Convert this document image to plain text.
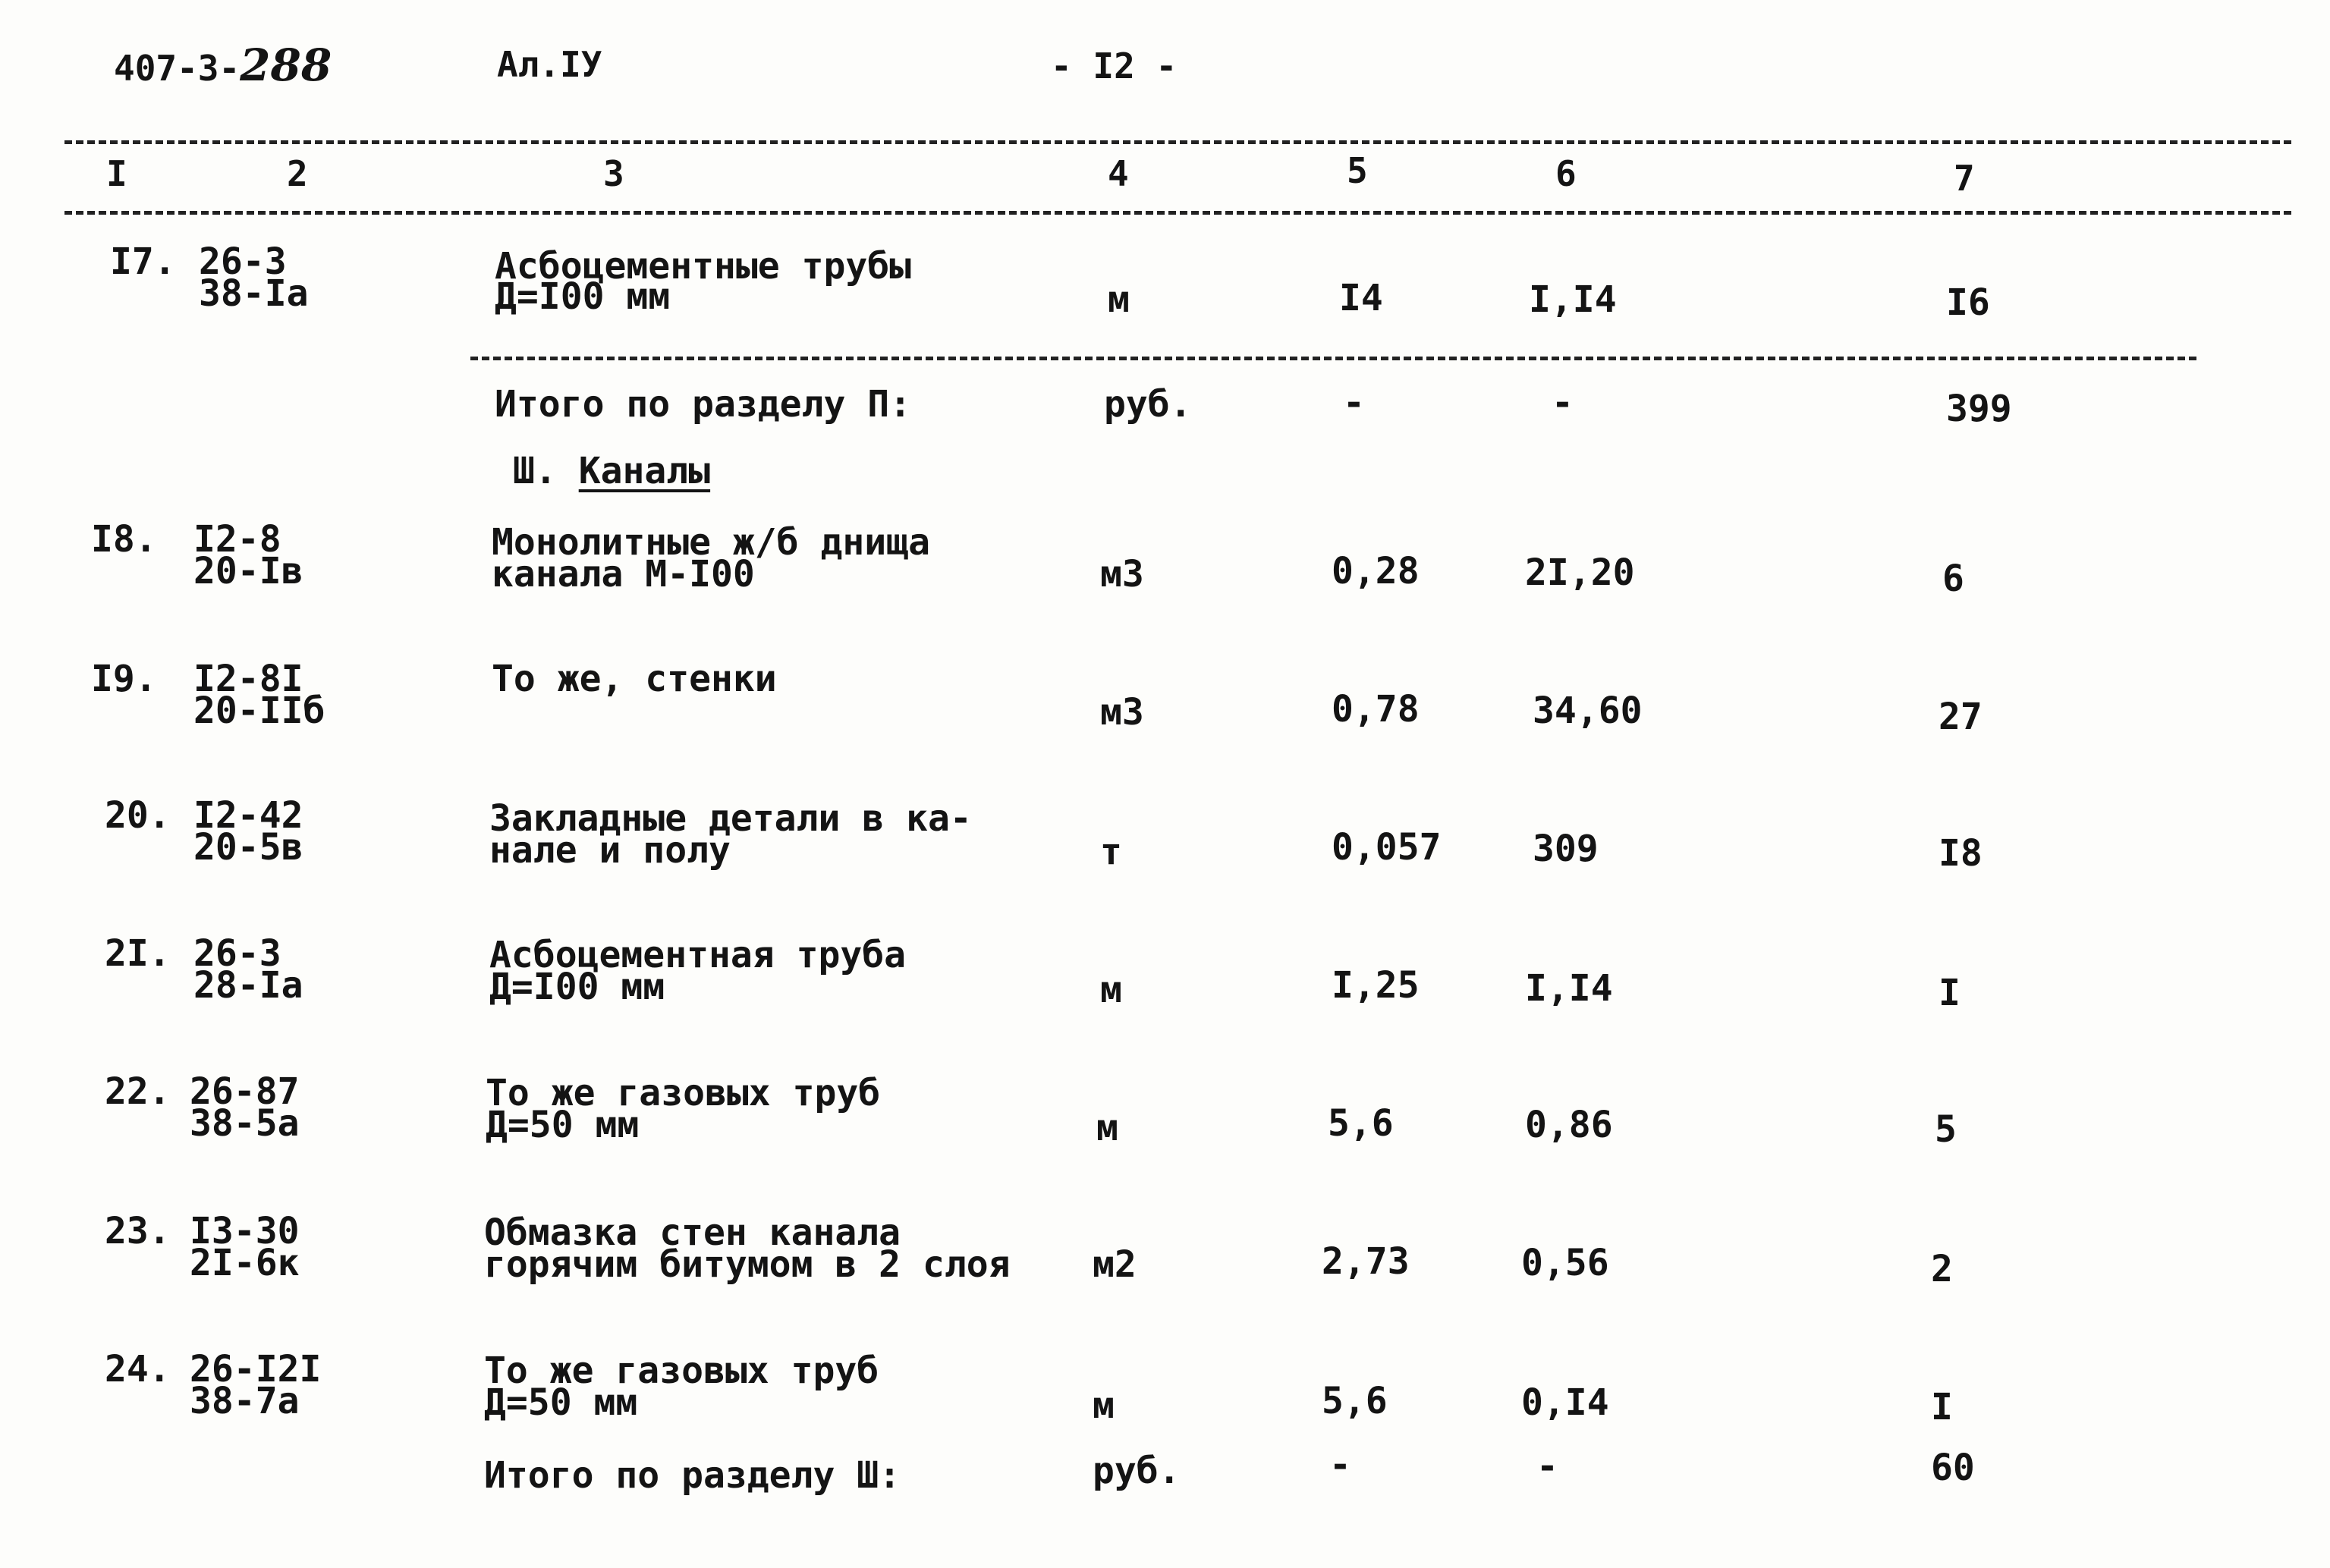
407-3-288	Ал.IУ	- I2 -
I	2	3	4	5	6	7
I7. 26-3
38-Iа
Асбоцементные трубы
Д=I00 мм	м	I4	I,I4	I6
Итого по разделу П:	руб.	-	-	399
Ш. Каналы
I8. I2-8
20-Iв
Монолитные ж/б днища
канала М-I00	м3	0,28	2I,20	6
I9. I2-8I
20-IIб
То же, стенки
м3	0,78	34,60	27
20. I2-42
20-5в
Закладные детали в ка-
нале и полу	т	0,057	309	I8
2I. 26-3
28-Iа
Асбоцементная труба
Д=I00 мм	м	I,25	I,I4	I
22. 26-87
38-5а
То же газовых труб
Д=50 мм	м	5,6	0,86	5
23. I3-30
2I-6к
Обмазка стен канала
горячим битумом в 2 слоя м2	2,73	0,56	2
24. 26-I2I
38-7а
То же газовых труб
Д=50 мм	м	5,6	0,I4	I
Итого по разделу Ш:	руб.	-	-	60
